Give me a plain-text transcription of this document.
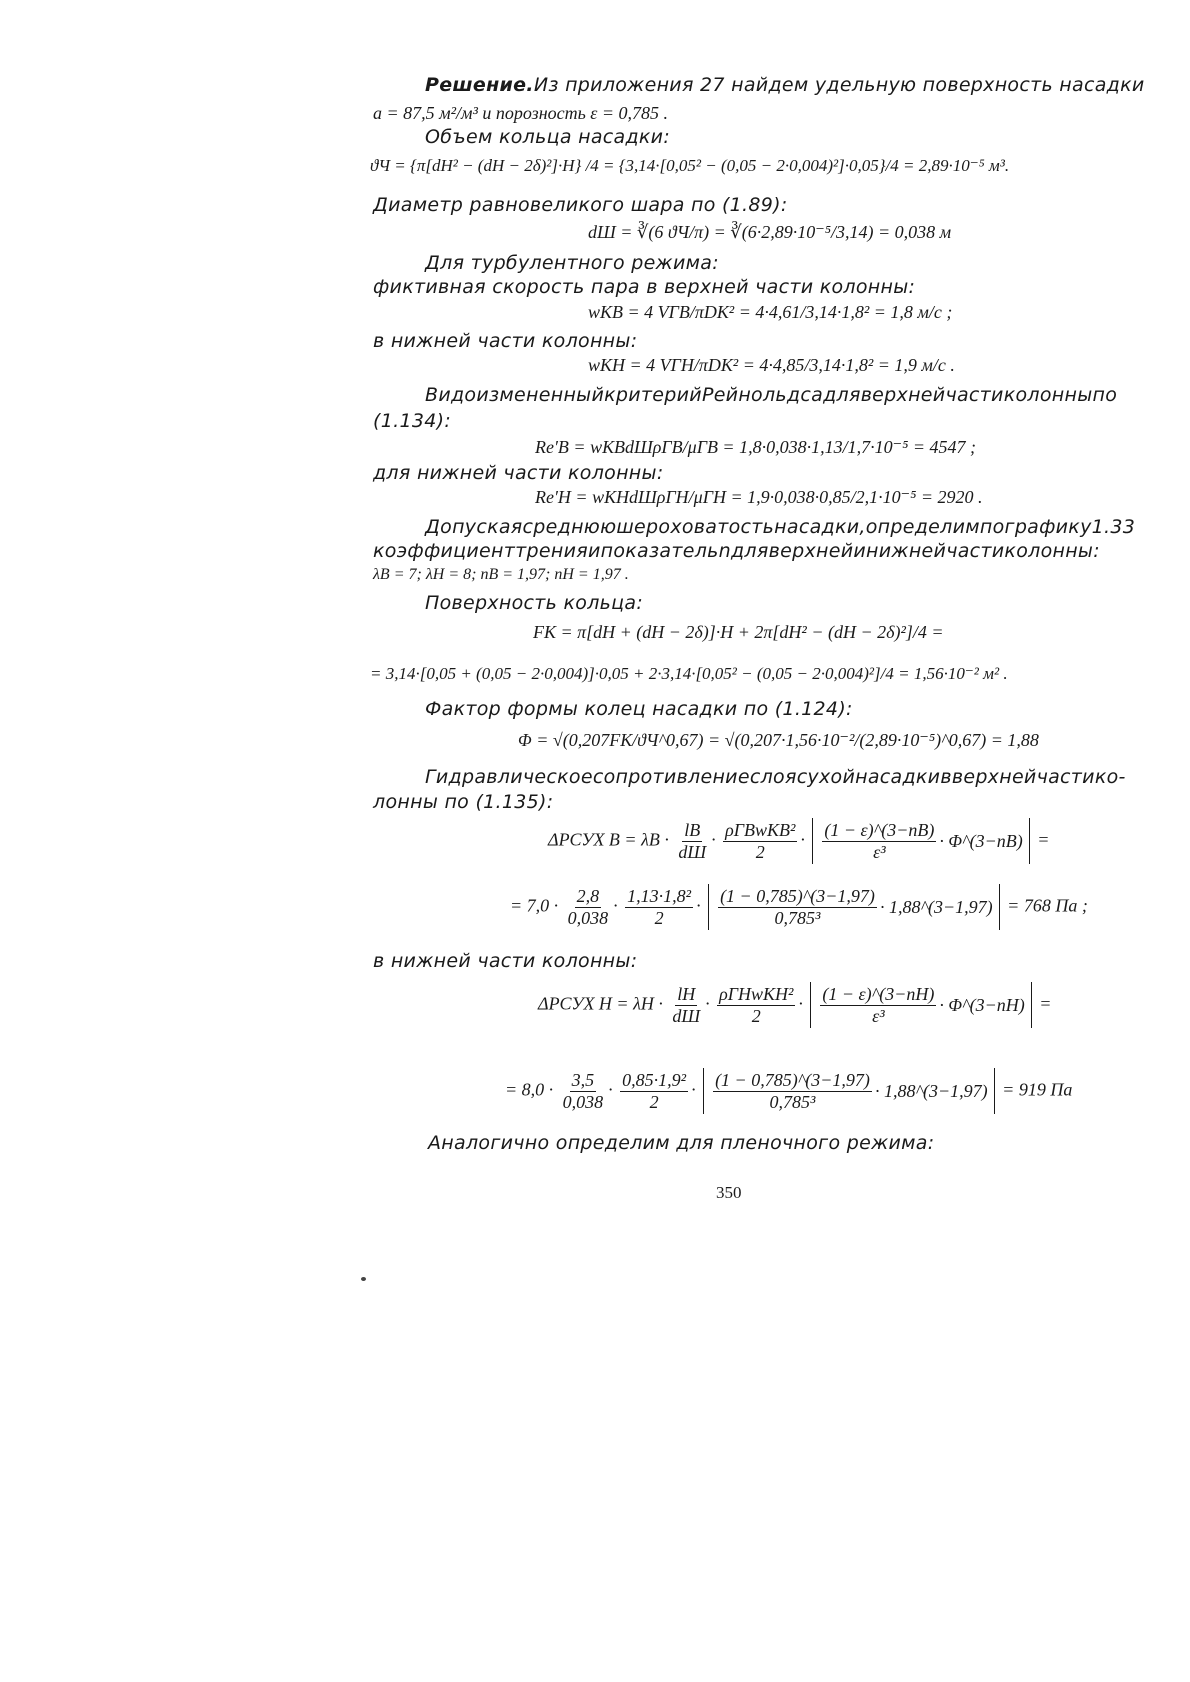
Решение. Из приложения 27 найдем удельную поверхность насадки
a = 87,5 м²/м³ и порозность ε = 0,785 .
Объем кольца насадки:
ϑЧ = {π[dН² − (dН − 2δ)²]·H} /4 = {3,14·[0,05² − (0,05 − 2·0,004)²]·0,05}/4 = 2,89·10⁻⁵ м³.
Диаметр равновеликого шара по (1.89):
dШ = ∛(6 ϑЧ/π) = ∛(6·2,89·10⁻⁵/3,14) = 0,038 м
Для турбулентного режима:
фиктивная скорость пара в верхней части колонны:
wКВ = 4 VГВ/πDК² = 4·4,61/3,14·1,8² = 1,8 м/с ;
в нижней части колонны:
wКН = 4 VГН/πDК² = 4·4,85/3,14·1,8² = 1,9 м/с .
Видоизмененный критерий Рейнольдса для верхней части колонны по
(1.134):
Re′В = wКВdШρГВ/μГВ = 1,8·0,038·1,13/1,7·10⁻⁵ = 4547 ;
для нижней части колонны:
Re′Н = wКНdШρГН/μГН = 1,9·0,038·0,85/2,1·10⁻⁵ = 2920 .
Допуская среднюю шероховатость насадки, определим по графику 1.33
коэффициент трения и показатель n для верхней и нижней части колонны:
λВ = 7; λН = 8; nВ = 1,97; nН = 1,97 .
Поверхность кольца:
FК = π[dН + (dН − 2δ)]·H + 2π[dН² − (dН − 2δ)²]/4 =
= 3,14·[0,05 + (0,05 − 2·0,004)]·0,05 + 2·3,14·[0,05² − (0,05 − 2·0,004)²]/4 = 1,56·10⁻² м² .
Фактор формы колец насадки по (1.124):
Φ = √(0,207FК/ϑЧ^0,67) = √(0,207·1,56·10⁻²/(2,89·10⁻⁵)^0,67) = 1,88
Гидравлическое сопротивление слоя сухой насадки в верхней части ко-
лонны по (1.135):
ΔPСУХ $В = \lambda В \cdot \frac{lВ}{dШ} \cdot \frac{\text{ρГВwКВ²}}{2} \cdot \frac{(1 - \varepsilon)\^{}(3-nВ)}{\text{ε³}}$ · Φ^(3−nВ) =
= $7,0 \cdot \frac{2,8}{0,038} \cdot \frac{\text{1,13·1,8²}}{2} \cdot \frac{(1 - 0,785)\^{}(3-1,97)}{\text{0,785³}}$ · 1,88^(3−1,97) = 768 Па ;
в нижней части колонны:
ΔPСУХ $Н = \lambda Н \cdot \frac{lН}{dШ} \cdot \frac{\text{ρГНwКН²}}{2} \cdot \frac{(1 - \varepsilon)\^{}(3-nН)}{\text{ε³}}$ · Φ^(3−nН) =
= $8,0 \cdot \frac{3,5}{0,038} \cdot \frac{\text{0,85·1,9²}}{2} \cdot \frac{(1 - 0,785)\^{}(3-1,97)}{\text{0,785³}}$ · 1,88^(3−1,97) = 919 Па
Аналогично определим для пленочного режима:
350
